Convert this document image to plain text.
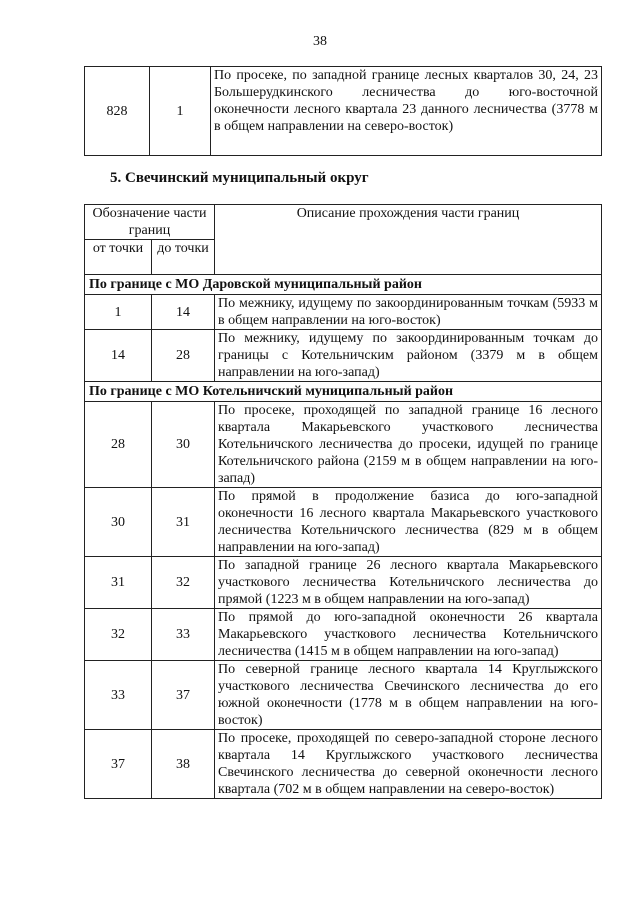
38
828	1	По просеке, по западной границе лесных кварталов 30, 24, 23 Большерудкинского лесничества до юго-восточной оконечности лесного квартала 23 данного лесничества (3778 м в общем направлении на северо-восток)
5. Свечинский муниципальный округ
Обозначение части границ		Описание прохождения части границ
от точки	до точки	
По границе с МО Даровской муниципальный район		
1	14	По межнику, идущему по закоординированным точкам (5933 м в общем направлении на юго-восток)
14	28	По межнику, идущему по закоординированным точкам до границы с Котельничским районом (3379 м в общем направлении на юго-запад)
По границе с МО Котельничский муниципальный район		
28	30	По просеке, проходящей по западной границе 16 лесного квартала Макарьевского участкового лесничества Котельничского лесничества до просеки, идущей по границе Котельничского района (2159 м в общем направлении на юго-запад)
30	31	По прямой в продолжение базиса до юго-западной оконечности 16 лесного квартала Макарьевского участкового лесничества Котельничского лесничества (829 м в общем направлении на юго-запад)
31	32	По западной границе 26 лесного квартала Макарьевского участкового лесничества Котельничского лесничества до прямой (1223 м в общем направлении на юго-запад)
32	33	По прямой до юго-западной оконечности 26 квартала Макарьевского участкового лесничества Котельничского лесничества (1415 м в общем направлении на юго-запад)
33	37	По северной границе лесного квартала 14 Круглыжского участкового лесничества Свечинского лесничества до его южной оконечности (1778 м в общем направлении на юго-восток)
37	38	По просеке, проходящей по северо-западной стороне лесного квартала 14 Круглыжского участкового лесничества Свечинского лесничества до северной оконечности лесного квартала (702 м в общем направлении на северо-восток)
